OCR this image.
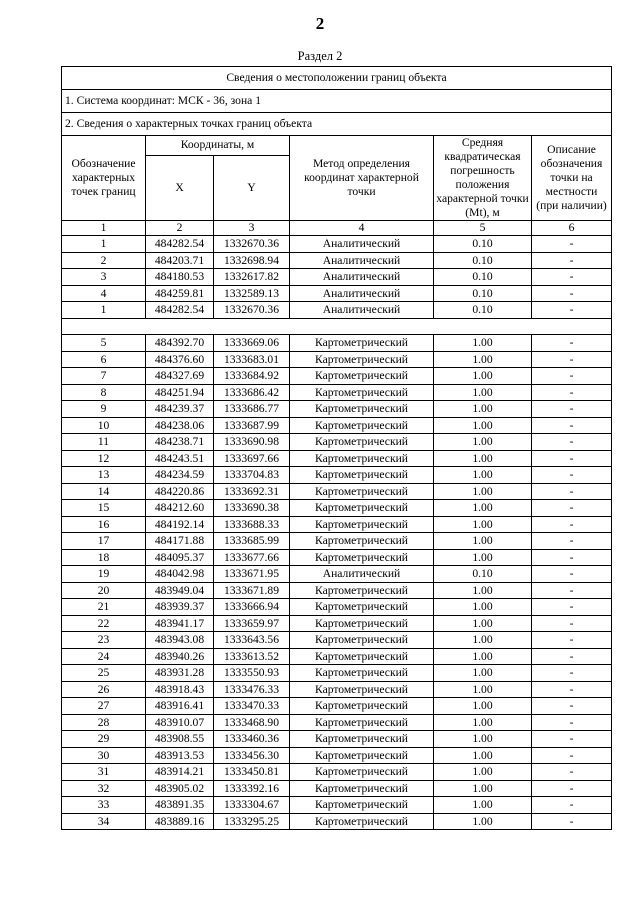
2
Раздел 2
Сведения о местоположении границ объекта					
1. Система координат: МСК - 36, зона 1					
2. Сведения о характерных точках границ объекта					
Обозначение характерных точек границ	Координаты, м		Метод определения координат характерной точки	Средняя квадратическая погрешность положения характерной точки (Mt), м	Описание обозначения точки на местности (при наличии)
	X	Y			
1	2	3	4	5	6
1	484282.54	1332670.36	Аналитический	0.10	-
2	484203.71	1332698.94	Аналитический	0.10	-
3	484180.53	1332617.82	Аналитический	0.10	-
4	484259.81	1332589.13	Аналитический	0.10	-
1	484282.54	1332670.36	Аналитический	0.10	-

5	484392.70	1333669.06	Картометрический	1.00	-
6	484376.60	1333683.01	Картометрический	1.00	-
7	484327.69	1333684.92	Картометрический	1.00	-
8	484251.94	1333686.42	Картометрический	1.00	-
9	484239.37	1333686.77	Картометрический	1.00	-
10	484238.06	1333687.99	Картометрический	1.00	-
11	484238.71	1333690.98	Картометрический	1.00	-
12	484243.51	1333697.66	Картометрический	1.00	-
13	484234.59	1333704.83	Картометрический	1.00	-
14	484220.86	1333692.31	Картометрический	1.00	-
15	484212.60	1333690.38	Картометрический	1.00	-
16	484192.14	1333688.33	Картометрический	1.00	-
17	484171.88	1333685.99	Картометрический	1.00	-
18	484095.37	1333677.66	Картометрический	1.00	-
19	484042.98	1333671.95	Аналитический	0.10	-
20	483949.04	1333671.89	Картометрический	1.00	-
21	483939.37	1333666.94	Картометрический	1.00	-
22	483941.17	1333659.97	Картометрический	1.00	-
23	483943.08	1333643.56	Картометрический	1.00	-
24	483940.26	1333613.52	Картометрический	1.00	-
25	483931.28	1333550.93	Картометрический	1.00	-
26	483918.43	1333476.33	Картометрический	1.00	-
27	483916.41	1333470.33	Картометрический	1.00	-
28	483910.07	1333468.90	Картометрический	1.00	-
29	483908.55	1333460.36	Картометрический	1.00	-
30	483913.53	1333456.30	Картометрический	1.00	-
31	483914.21	1333450.81	Картометрический	1.00	-
32	483905.02	1333392.16	Картометрический	1.00	-
33	483891.35	1333304.67	Картометрический	1.00	-
34	483889.16	1333295.25	Картометрический	1.00	-
